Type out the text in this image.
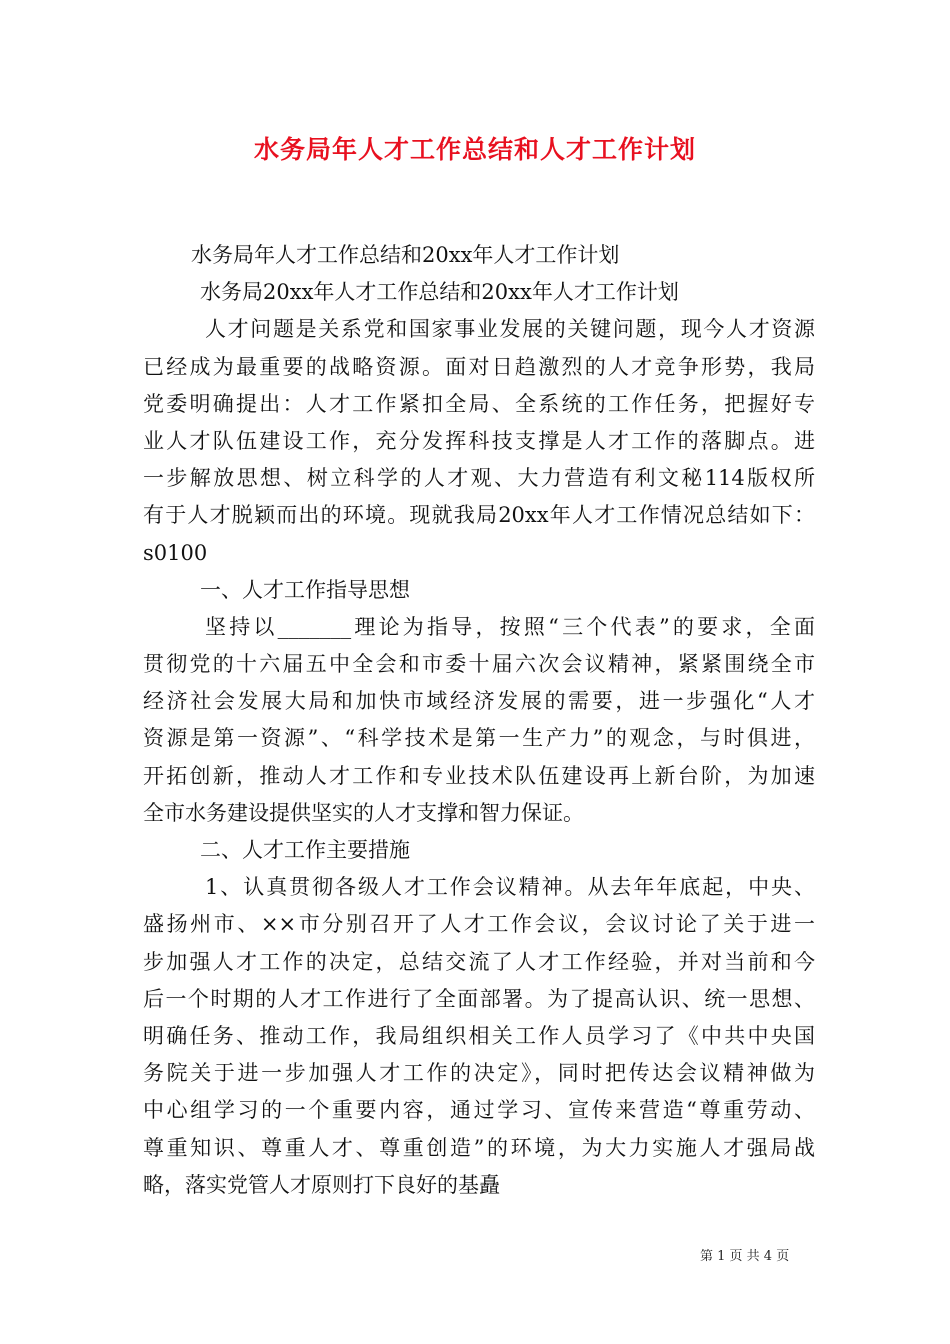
水务局年人才工作总结和人才工作计划
水务局年人才工作总结和20xx年人才工作计划
水务局20xx年人才工作总结和20xx年人才工作计划
人才问题是关系党和国家事业发展的关键问题，现今人才资源
已经成为最重要的战略资源。面对日趋激烈的人才竞争形势，我局
党委明确提出：人才工作紧扣全局、全系统的工作任务，把握好专
业人才队伍建设工作，充分发挥科技支撑是人才工作的落脚点。进
一步解放思想、树立科学的人才观、大力营造有利文秘114版权所
有于人才脱颖而出的环境。现就我局20xx年人才工作情况总结如下：
s0100
一、人才工作指导思想
坚持以_______理论为指导，按照“三个代表”的要求，全面
贯彻党的十六届五中全会和市委十届六次会议精神，紧紧围绕全市
经济社会发展大局和加快市域经济发展的需要，进一步强化“人才
资源是第一资源”、“科学技术是第一生产力”的观念，与时俱进，
开拓创新，推动人才工作和专业技术队伍建设再上新台阶，为加速
全市水务建设提供坚实的人才支撑和智力保证。
二、人才工作主要措施
1、认真贯彻各级人才工作会议精神。从去年年底起，中央、
盛扬州市、××市分别召开了人才工作会议，会议讨论了关于进一
步加强人才工作的决定，总结交流了人才工作经验，并对当前和今
后一个时期的人才工作进行了全面部署。为了提高认识、统一思想、
明确任务、推动工作，我局组织相关工作人员学习了《中共中央国
务院关于进一步加强人才工作的决定》，同时把传达会议精神做为
中心组学习的一个重要内容，通过学习、宣传来营造“尊重劳动、
尊重知识、尊重人才、尊重创造”的环境，为大力实施人才强局战
略，落实党管人才原则打下良好的基矗
第 1 页 共 4 页
